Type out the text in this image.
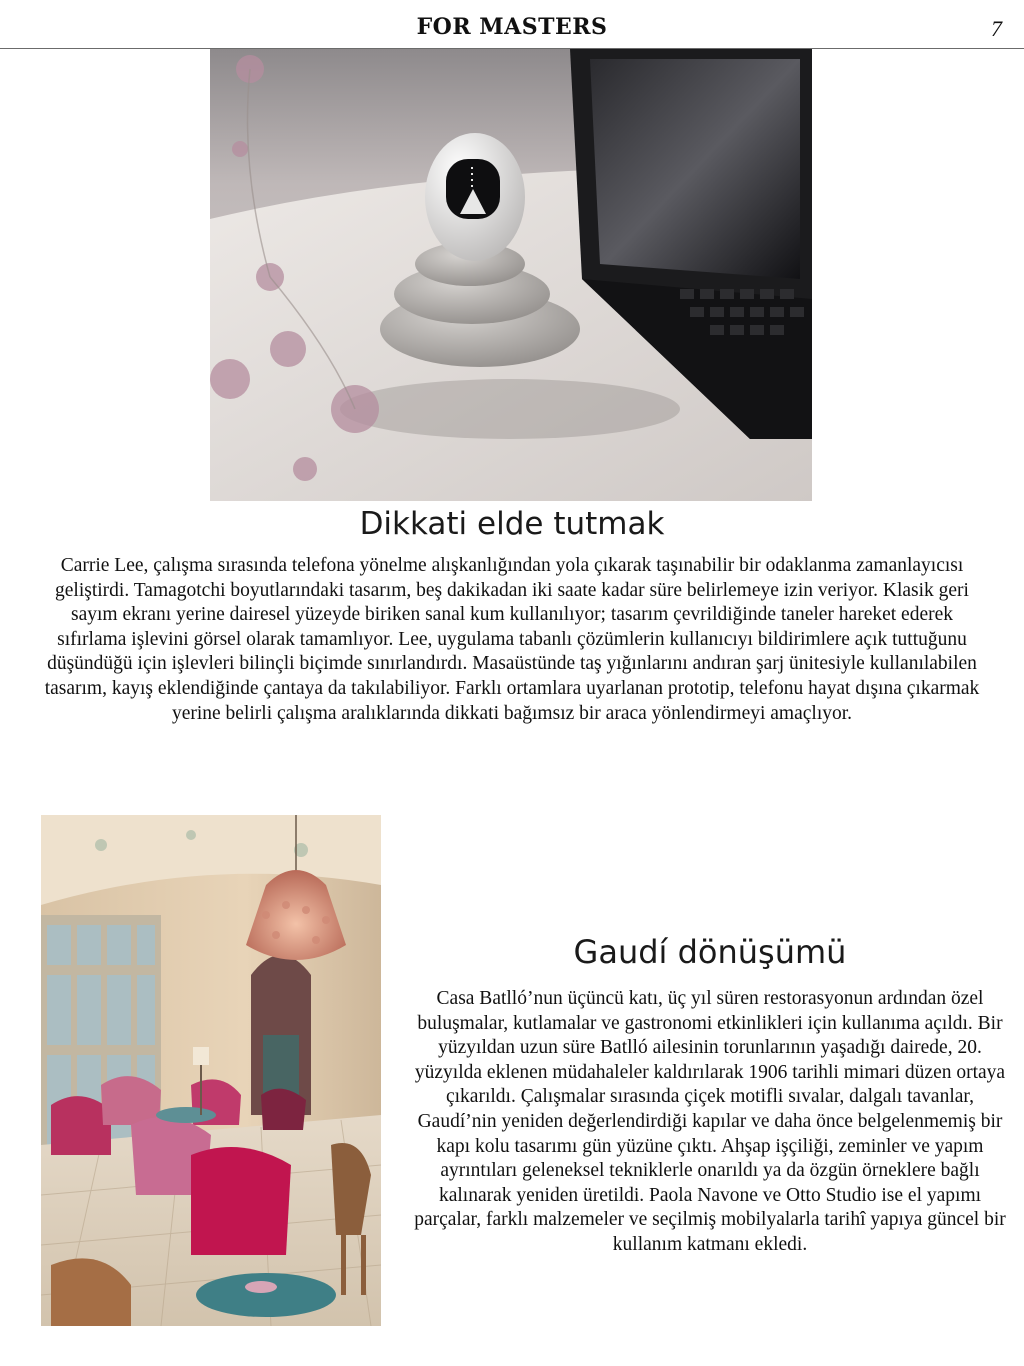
FOR MASTERS	7
Dikkati elde tutmak

Carrie Lee, çalışma sırasında telefona yönelme alışkanlığından yola çıkarak taşınabilir bir odaklanma zamanlayıcısı geliştirdi. Tamagotchi boyutlarındaki tasarım, beş dakikadan iki saate kadar süre belirlemeye izin veriyor. Klasik geri sayım ekranı yerine dairesel yüzeyde biriken sanal kum kullanılıyor; tasarım çevrildiğinde taneler hareket ederek sıfırlama işlevini görsel olarak tamamlıyor. Lee, uygulama tabanlı çözümlerin kullanıcıyı bildirimlere açık tuttuğunu düşündüğü için işlevleri bilinçli biçimde sınırlandırdı. Masaüstünde taş yığınlarını andıran şarj ünitesiyle kullanılabilen tasarım, kayış eklendiğinde çantaya da takılabiliyor. Farklı ortamlara uyarlanan prototip, telefonu hayat dışına çıkarmak yerine belirli çalışma aralıklarında dikkati bağımsız bir araca yönlendirmeyi amaçlıyor.

Gaudí dönüşümü

Casa Batlló’nun üçüncü katı, üç yıl süren restorasyonun ardından özel buluşmalar, kutlamalar ve gastronomi etkinlikleri için kullanıma açıldı. Bir yüzyıldan uzun süre Batlló ailesinin torunlarının yaşadığı dairede, 20. yüzyılda eklenen müdahaleler kaldırılarak 1906 tarihli mimari düzen ortaya çıkarıldı. Çalışmalar sırasında çiçek motifli sıvalar, dalgalı tavanlar, Gaudí’nin yeniden değerlendirdiği kapılar ve daha önce belgelenmemiş bir kapı kolu tasarımı gün yüzüne çıktı. Ahşap işçiliği, zeminler ve yapım ayrıntıları geleneksel tekniklerle onarıldı ya da özgün örneklere bağlı kalınarak yeniden üretildi. Paola Navone ve Otto Studio ise el yapımı parçalar, farklı malzemeler ve seçilmiş mobilyalarla tarihî yapıya güncel bir kullanım katmanı ekledi.
